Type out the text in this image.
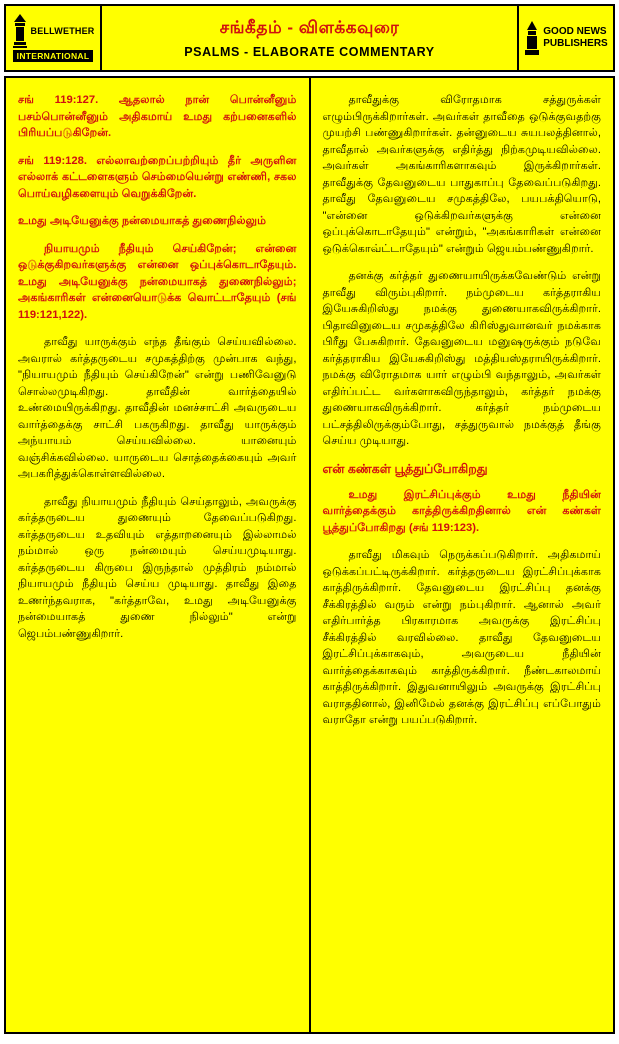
BELLWETHER
INTERNATIONAL
சங்கீதம் - விளக்கவுரை
PSALMS - ELABORATE COMMENTARY
GOOD NEWS
PUBLISHERS

சங் 119:127. ஆதலால் நான் பொன்னீனும் பசம்பொன்னீனும் அதிகமாய் உமது கற்பனைகளில் பிரியப்படுகிறேன்.

சங் 119:128. எல்லாவற்றைப்பற்றியும் தீர் அருளின எல்லாக் கட்டளைகளும் செம்மையென்று எண்ணி, சகல பொய்வழிகளையும் வெறுக்கிறேன்.

உமது அடியேனுக்கு நன்மையாகத் துணைநில்லும்

நியாயமும் நீதியும் செய்கிறேன்; என்னை ஒடுக்குகிறவர்களுக்கு என்னை ஒப்புக்கொடாதேயும். உமது அடியேனுக்கு நன்மையாகத் துணைநில்லும்; அகங்காரிகள் என்னையொடுக்க வொட்டாதேயும் (சங் 119:121,122).

தாவீது யாருக்கும் எந்த தீங்கும் செய்யவில்லை. அவரால் கர்த்தருடைய சமுகத்திற்கு முன்பாக வந்து, "நியாயமும் நீதியும் செய்கிறேன்" என்று பணிவேனுடு சொல்லமுடிகிறது. தாவீதின் வார்த்தையில் உண்மையிருக்கிறது. தாவீதின் மனச்சாட்சி அவருடைய வார்த்தைக்கு சாட்சி பகருகிறது. தாவீது யாருக்கும் அந்யாயம் செய்யவில்லை. யானையும் வஞ்சிக்கவில்லை. யாருடைய சொத்தைக்கையும் அவர் அபகரித்துக்கொள்ளவில்லை.

தாவீது நியாயமும் நீதியும் செய்தாலும், அவருக்கு கர்த்தருடைய துணையும் தேவைப்படுகிறது. கர்த்தருடைய உதவியும் எத்தாறனையும் இல்லாமல் நம்மால் ஒரு நன்மையும் செய்யமுடியாது. கர்த்தருடைய கிருபை இருந்தால் முத்திரம் நம்மால் நியாயமும் நீதியும் செய்ய முடியாது. தாவீது இதை உணர்ந்தவராக, "கர்த்தாவே, உமது அடியேனுக்கு நன்மையாகத் துணை நில்லும்" என்று ஜெபம்பண்ணுகிறார்.

தாவீதுக்கு விரோதமாக சத்துருக்கள் எழும்பிருக்கிறார்கள். அவர்கள் தாவீதை ஒடுக்குவதற்கு முயற்சி பண்ணுகிறார்கள். தன்னுடைய சுயபலத்தினால், தாவீதால் அவர்களுக்கு எதிர்த்து நிற்கமுடியவில்லை. அவர்கள் அகங்காரிகளாகவும் இருக்கிறார்கள். தாவீதுக்கு தேவனுடைய பாதுகாப்பு தேவைப்படுகிறது. தாவீது தேவனுடைய சமுகத்திலே, பயபக்தியொடு, "என்னை ஒடுக்கிறவர்களுக்கு என்னை ஒப்புக்கொடாதேயும்" என்றும், "அகங்காரிகள் என்னை ஒடுக்கொவ்ட்டாதேயும்" என்றும் ஜெயம்பண்ணுகிறார்.

தனக்கு கர்த்தர் துணையாயிருக்கவேண்டும் என்று தாவீது விரும்புகிறார். நம்முடைய கர்த்தராகிய இயேசுகிறிஸ்து நமக்கு துணையாகவிருக்கிறார். பிதாவினுடைய சமுகத்திலே கிரிஸ்துவானவர் நமக்காக பிரீது பேசுகிறார். தேவனுடைய மனுஷருக்கும் நடுவே கர்த்தராகிய இயேசுகிறிஸ்து மத்தியஸ்தராயிருக்கிறார். நமக்கு விரோதமாக யார் எழும்பி வந்தாலும், அவர்கள் எதிர்ப்பட்ட வர்களாகவிருந்தாலும், கர்த்தர் நமக்கு துணையாகவிருக்கிறார். கர்த்தர் நம்முடைய பட்சத்திலிருக்கும்போது, சத்துருவால் நமக்குத் தீங்கு செய்ய முடியாது.

என் கண்கள் பூத்துப்போகிறது

உமது இரட்சிப்புக்கும் உமது நீதியின் வார்த்தைக்கும் காத்திருக்கிறதினால் என் கண்கள் பூத்துப்போகிறது (சங் 119:123).

தாவீது மிகவும் நெருக்கப்படுகிறார். அதிகமாய் ஒடுக்கப்பட்டிருக்கிறார். கர்த்தருடைய இரட்சிப்புக்காக காத்திருக்கிறார். தேவனுடைய இரட்சிப்பு தனக்கு சீக்கிரத்தில் வரும் என்று நம்புகிறார். ஆனால் அவர் எதிர்பார்த்த பிரகாரமாக அவருக்கு இரட்சிப்பு சீக்கிரத்தில் வரவில்லை. தாவீது தேவனுடைய இரட்சிப்புக்காகவும், அவருடைய நீதியின் வார்த்தைக்காகவும் காத்திருக்கிறார். நீண்டகாலமாய் காத்திருக்கிறார். இதுவனாயிலும் அவருக்கு இரட்சிப்பு வராததினால், இனிமேல் தனக்கு இரட்சிப்பு எப்போதும் வராதோ என்று பயப்படுகிறார்.
